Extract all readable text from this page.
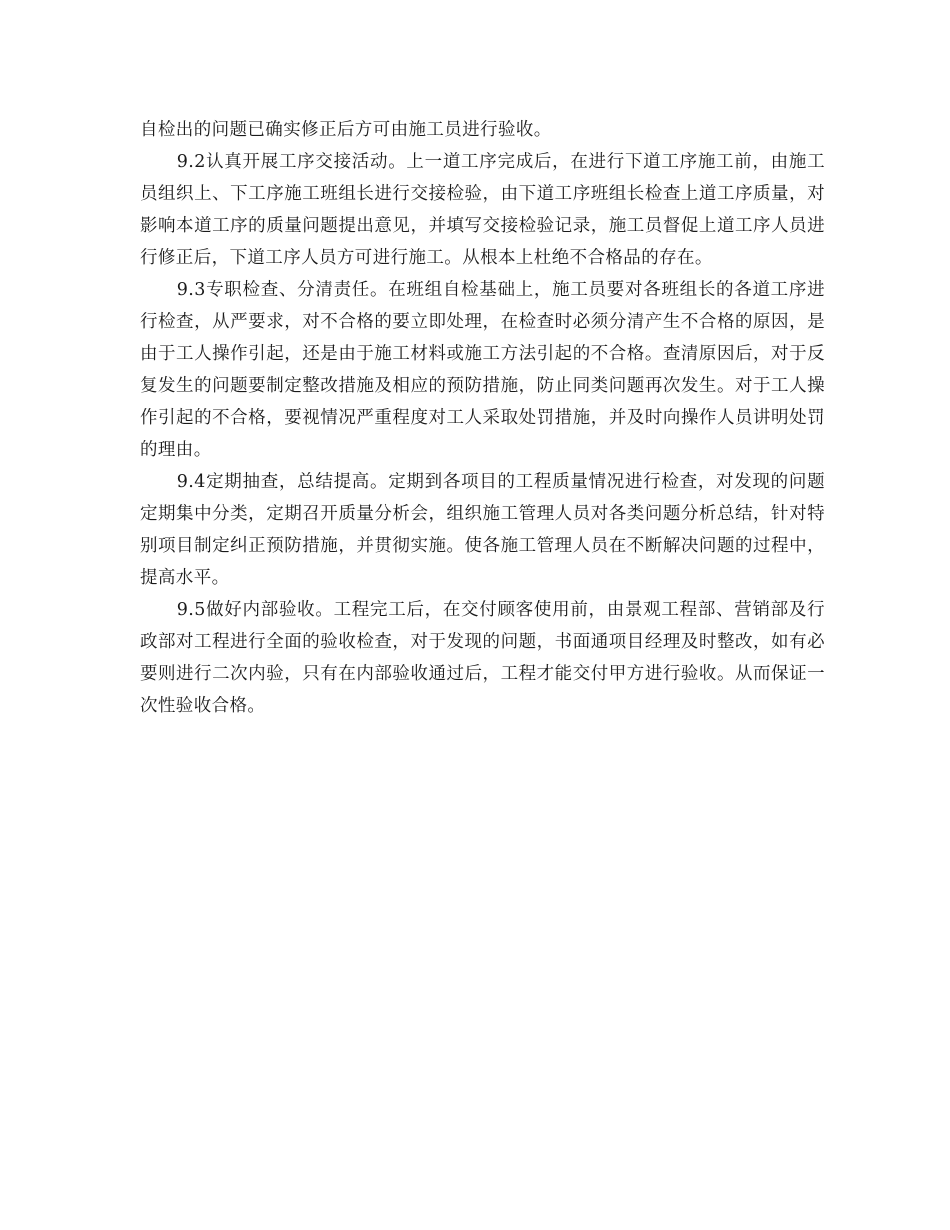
自检出的问题已确实修正后方可由施工员进行验收。

9.2认真开展工序交接活动。上一道工序完成后，在进行下道工序施工前，由施工员组织上、下工序施工班组长进行交接检验，由下道工序班组长检查上道工序质量，对影响本道工序的质量问题提出意见，并填写交接检验记录，施工员督促上道工序人员进行修正后，下道工序人员方可进行施工。从根本上杜绝不合格品的存在。

9.3专职检查、分清责任。在班组自检基础上，施工员要对各班组长的各道工序进行检查，从严要求，对不合格的要立即处理，在检查时必须分清产生不合格的原因，是由于工人操作引起，还是由于施工材料或施工方法引起的不合格。查清原因后，对于反复发生的问题要制定整改措施及相应的预防措施，防止同类问题再次发生。对于工人操作引起的不合格，要视情况严重程度对工人采取处罚措施，并及时向操作人员讲明处罚的理由。

9.4定期抽查，总结提高。定期到各项目的工程质量情况进行检查，对发现的问题定期集中分类，定期召开质量分析会，组织施工管理人员对各类问题分析总结，针对特别项目制定纠正预防措施，并贯彻实施。使各施工管理人员在不断解决问题的过程中，提高水平。

9.5做好内部验收。工程完工后，在交付顾客使用前，由景观工程部、营销部及行政部对工程进行全面的验收检查，对于发现的问题，书面通项目经理及时整改，如有必要则进行二次内验，只有在内部验收通过后，工程才能交付甲方进行验收。从而保证一次性验收合格。
